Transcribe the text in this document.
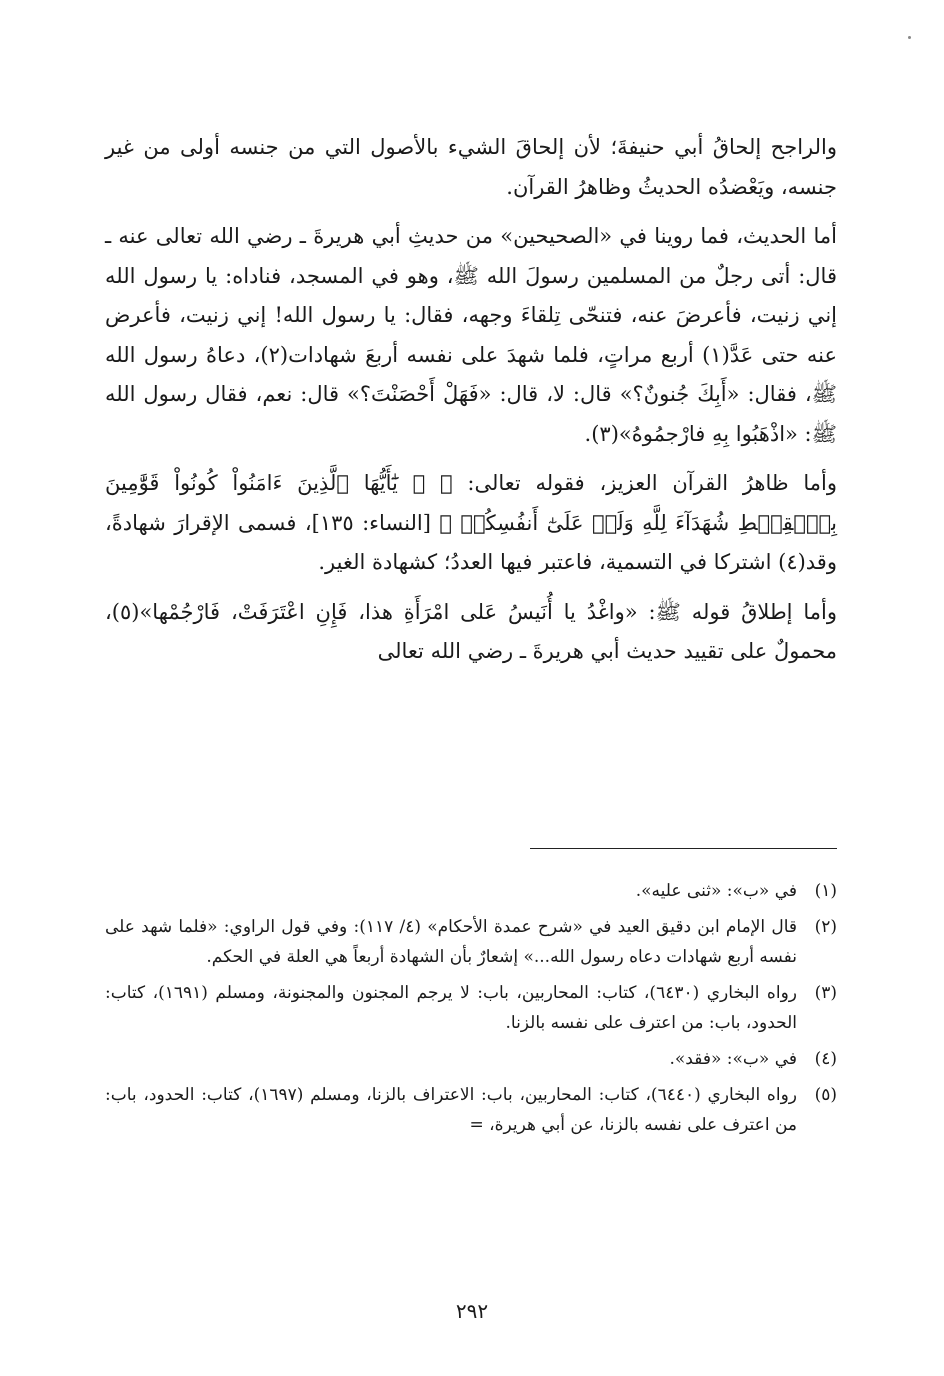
والراجح إلحاقُ أبي حنيفةَ؛ لأن إلحاقَ الشيء بالأصول التي من جنسه أولى من غير جنسه، ويَعْضدُه الحديثُ وظاهرُ القرآن.

أما الحديث، فما روينا في «الصحيحين» من حديثِ أبي هريرةَ ـ رضي الله تعالى عنه ـ قال: أتى رجلٌ من المسلمين رسولَ الله ﷺ، وهو في المسجد، فناداه: يا رسول الله إني زنيت، فأعرضَ عنه، فتنحّى تِلقاءَ وجهه، فقال: يا رسول الله! إني زنيت، فأعرض عنه حتى عَدَّ(١) أربع مراتٍ، فلما شهدَ على نفسه أربعَ شهادات(٢)، دعاهُ رسول الله ﷺ، فقال: «أَبِكَ جُنونٌ؟» قال: لا، قال: «فَهَلْ أَحْصَنْتَ؟» قال: نعم، فقال رسول الله ﷺ: «اذْهَبُوا بِهِ فارْجمُوهُ»(٣).

وأما ظاهرُ القرآن العزيز، فقوله تعالى: ﴿ ۞ يَٰٓأَيُّهَا ٱلَّذِينَ ءَامَنُواْ كُونُواْ قَوَّٰمِينَ بِٱلۡقِسۡطِ شُهَدَآءَ لِلَّهِ وَلَوۡ عَلَىٰٓ أَنفُسِكُمۡ ﴾ [النساء: ١٣٥]، فسمى الإقرارَ شهادةً، وقد(٤) اشتركا في التسمية، فاعتبر فيها العددُ؛ كشهادة الغير.

وأما إطلاقُ قوله ﷺ: «واغْدُ يا أُنَيسُ عَلى امْرَأَةِ هذا، فَإِنِ اعْتَرَفَتْ، فَارْجُمْها»(٥)، محمولٌ على تقييد حديث أبي هريرةَ ـ رضي الله تعالى

(١)
في «ب»: «ثنى عليه».
(٢)
قال الإمام ابن دقيق العيد في «شرح عمدة الأحكام» (٤/ ١١٧): وفي قول الراوي: «فلما شهد على نفسه أربع شهادات دعاه رسول الله...» إشعارٌ بأن الشهادة أربعاً هي العلة في الحكم.
(٣)
رواه البخاري (٦٤٣٠)، كتاب: المحاربين، باب: لا يرجم المجنون والمجنونة، ومسلم (١٦٩١)، كتاب: الحدود، باب: من اعترف على نفسه بالزنا.
(٤)
في «ب»: «فقد».
(٥)
رواه البخاري (٦٤٤٠)، كتاب: المحاربين، باب: الاعتراف بالزنا، ومسلم (١٦٩٧)، كتاب: الحدود، باب: من اعترف على نفسه بالزنا، عن أبي هريرة، =
٢٩٢
